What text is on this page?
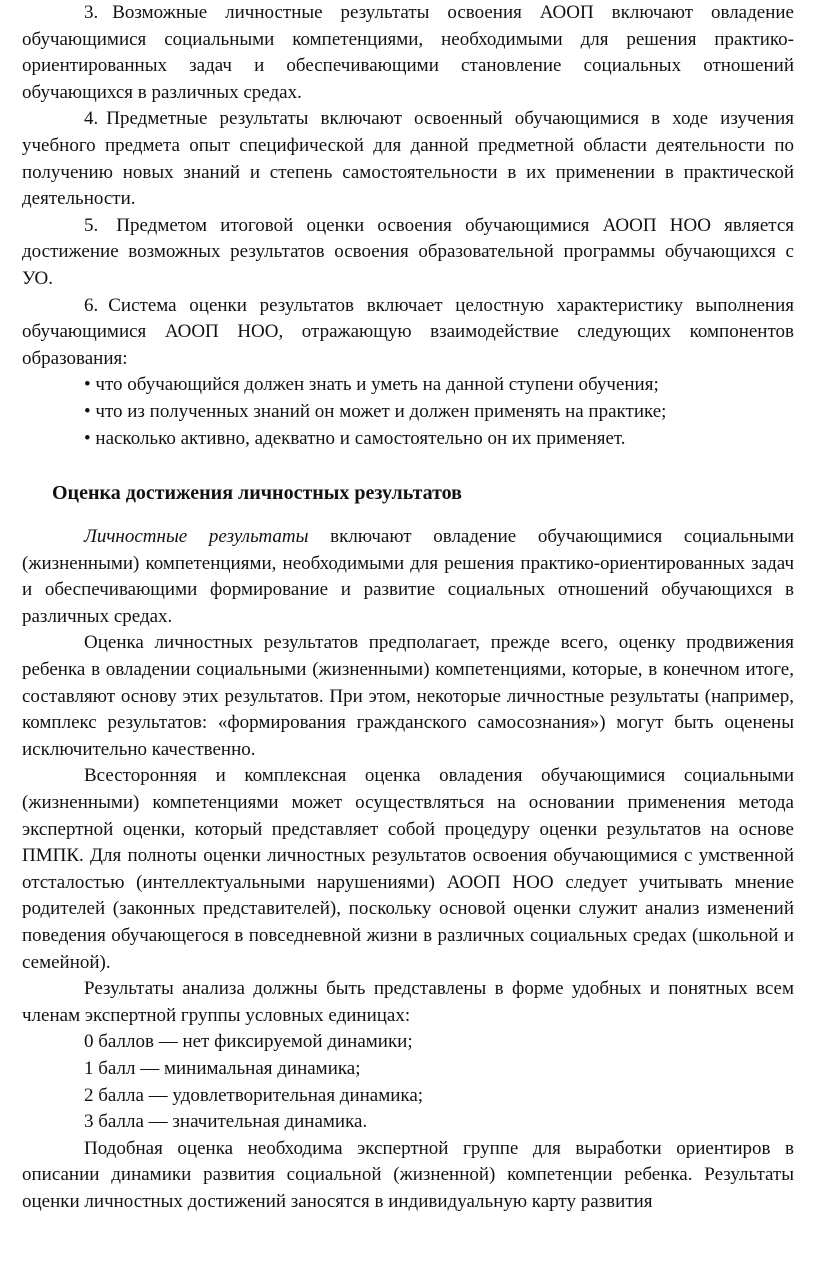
3. Возможные личностные результаты освоения АООП включают овладение обучающимися социальными компетенциями, необходимыми для решения практико-ориентированных задач и обеспечивающими становление социальных отношений обучающихся в различных средах.

4. Предметные результаты включают освоенный обучающимися в ходе изучения учебного предмета опыт специфической для данной предметной области деятельности по получению новых знаний и степень самостоятельности в их применении в практической деятельности.

5. Предметом итоговой оценки освоения обучающимися АООП НОО является достижение возможных результатов освоения образовательной программы обучающихся с УО.

6. Система оценки результатов включает целостную характеристику выполнения обучающимися АООП НОО, отражающую взаимодействие следующих компонентов образования:

• что обучающийся должен знать и уметь на данной ступени обучения;

• что из полученных знаний он может и должен применять на практике;

• насколько активно, адекватно и самостоятельно он их применяет.

Оценка достижения личностных результатов

Личностные результаты включают овладение обучающимися социальными (жизненными) компетенциями, необходимыми для решения практико-ориентированных задач и обеспечивающими формирование и развитие социальных отношений обучающихся в различных средах.

Оценка личностных результатов предполагает, прежде всего, оценку продвижения ребенка в овладении социальными (жизненными) компетенциями, которые, в конечном итоге, составляют основу этих результатов. При этом, некоторые личностные результаты (например, комплекс результатов: «формирования гражданского самосознания») могут быть оценены исключительно качественно.

Всесторонняя и комплексная оценка овладения обучающимися социальными (жизненными) компетенциями может осуществляться на основании применения метода экспертной оценки, который представляет собой процедуру оценки результатов на основе ПМПК. Для полноты оценки личностных результатов освоения обучающимися с умственной отсталостью (интеллектуальными нарушениями) АООП НОО следует учитывать мнение родителей (законных представителей), поскольку основой оценки служит анализ изменений поведения обучающегося в повседневной жизни в различных социальных средах (школьной и семейной).

Результаты анализа должны быть представлены в форме удобных и понятных всем членам экспертной группы условных единицах:

0 баллов — нет фиксируемой динамики;

1 балл — минимальная динамика;

2 балла — удовлетворительная динамика;

3 балла — значительная динамика.

Подобная оценка необходима экспертной группе для выработки ориентиров в описании динамики развития социальной (жизненной) компетенции ребенка. Результаты оценки личностных достижений заносятся в индивидуальную карту развития
